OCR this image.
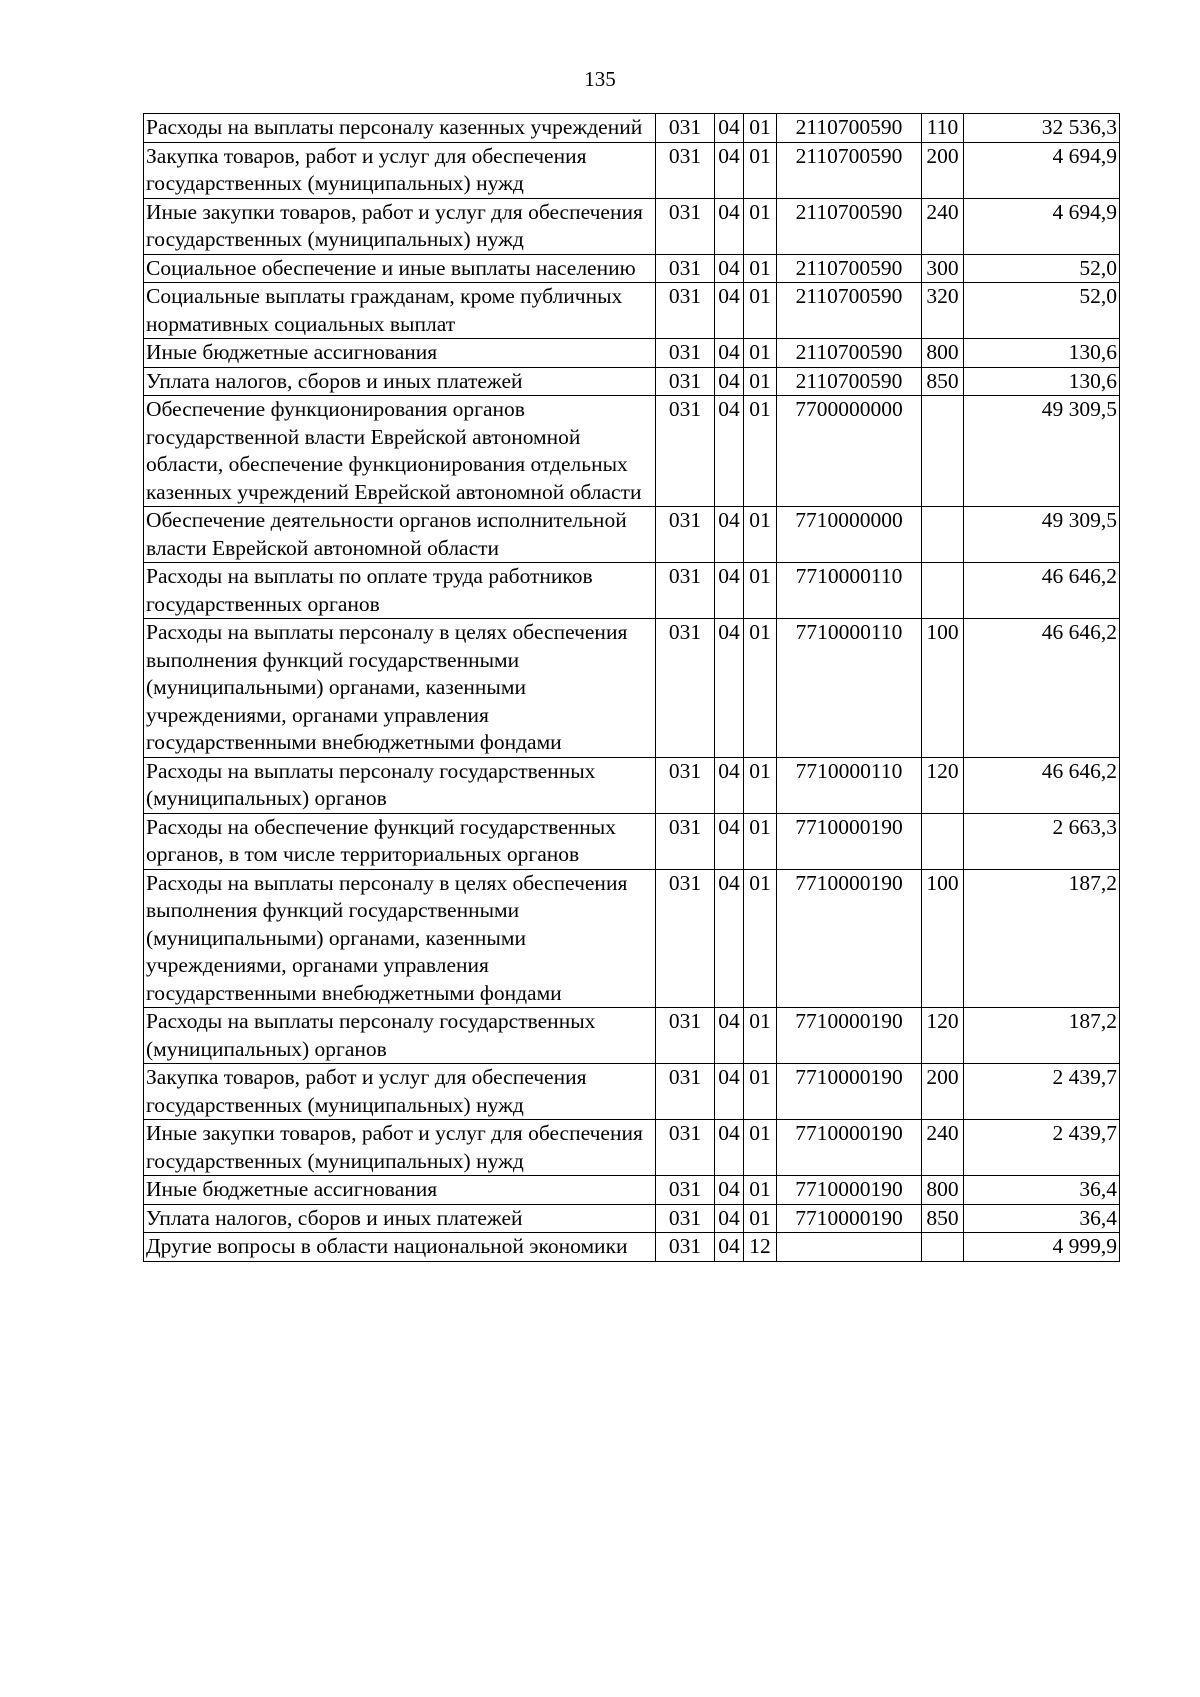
135
Расходы на выплаты персоналу казенных учреждений	031	04	01	2110700590	110	32 536,3
Закупка товаров, работ и услуг для обеспечения государственных (муниципальных) нужд	031	04	01	2110700590	200	4 694,9
Иные закупки товаров, работ и услуг для обеспечения государственных (муниципальных) нужд	031	04	01	2110700590	240	4 694,9
Социальное обеспечение и иные выплаты населению	031	04	01	2110700590	300	52,0
Социальные выплаты гражданам, кроме публичных нормативных социальных выплат	031	04	01	2110700590	320	52,0
Иные бюджетные ассигнования	031	04	01	2110700590	800	130,6
Уплата налогов, сборов и иных платежей	031	04	01	2110700590	850	130,6
Обеспечение функционирования органов государственной власти Еврейской автономной области, обеспечение функционирования отдельных казенных учреждений Еврейской автономной области	031	04	01	7700000000		49 309,5
Обеспечение деятельности органов исполнительной власти Еврейской автономной области	031	04	01	7710000000		49 309,5
Расходы на выплаты по оплате труда работников государственных органов	031	04	01	7710000110		46 646,2
Расходы на выплаты персоналу в целях обеспечения выполнения функций государственными (муниципальными) органами, казенными учреждениями, органами управления государственными внебюджетными фондами	031	04	01	7710000110	100	46 646,2
Расходы на выплаты персоналу государственных (муниципальных) органов	031	04	01	7710000110	120	46 646,2
Расходы на обеспечение функций государственных органов, в том числе территориальных органов	031	04	01	7710000190		2 663,3
Расходы на выплаты персоналу в целях обеспечения выполнения функций государственными (муниципальными) органами, казенными учреждениями, органами управления государственными внебюджетными фондами	031	04	01	7710000190	100	187,2
Расходы на выплаты персоналу государственных (муниципальных) органов	031	04	01	7710000190	120	187,2
Закупка товаров, работ и услуг для обеспечения государственных (муниципальных) нужд	031	04	01	7710000190	200	2 439,7
Иные закупки товаров, работ и услуг для обеспечения государственных (муниципальных) нужд	031	04	01	7710000190	240	2 439,7
Иные бюджетные ассигнования	031	04	01	7710000190	800	36,4
Уплата налогов, сборов и иных платежей	031	04	01	7710000190	850	36,4
Другие вопросы в области национальной экономики	031	04	12			4 999,9
